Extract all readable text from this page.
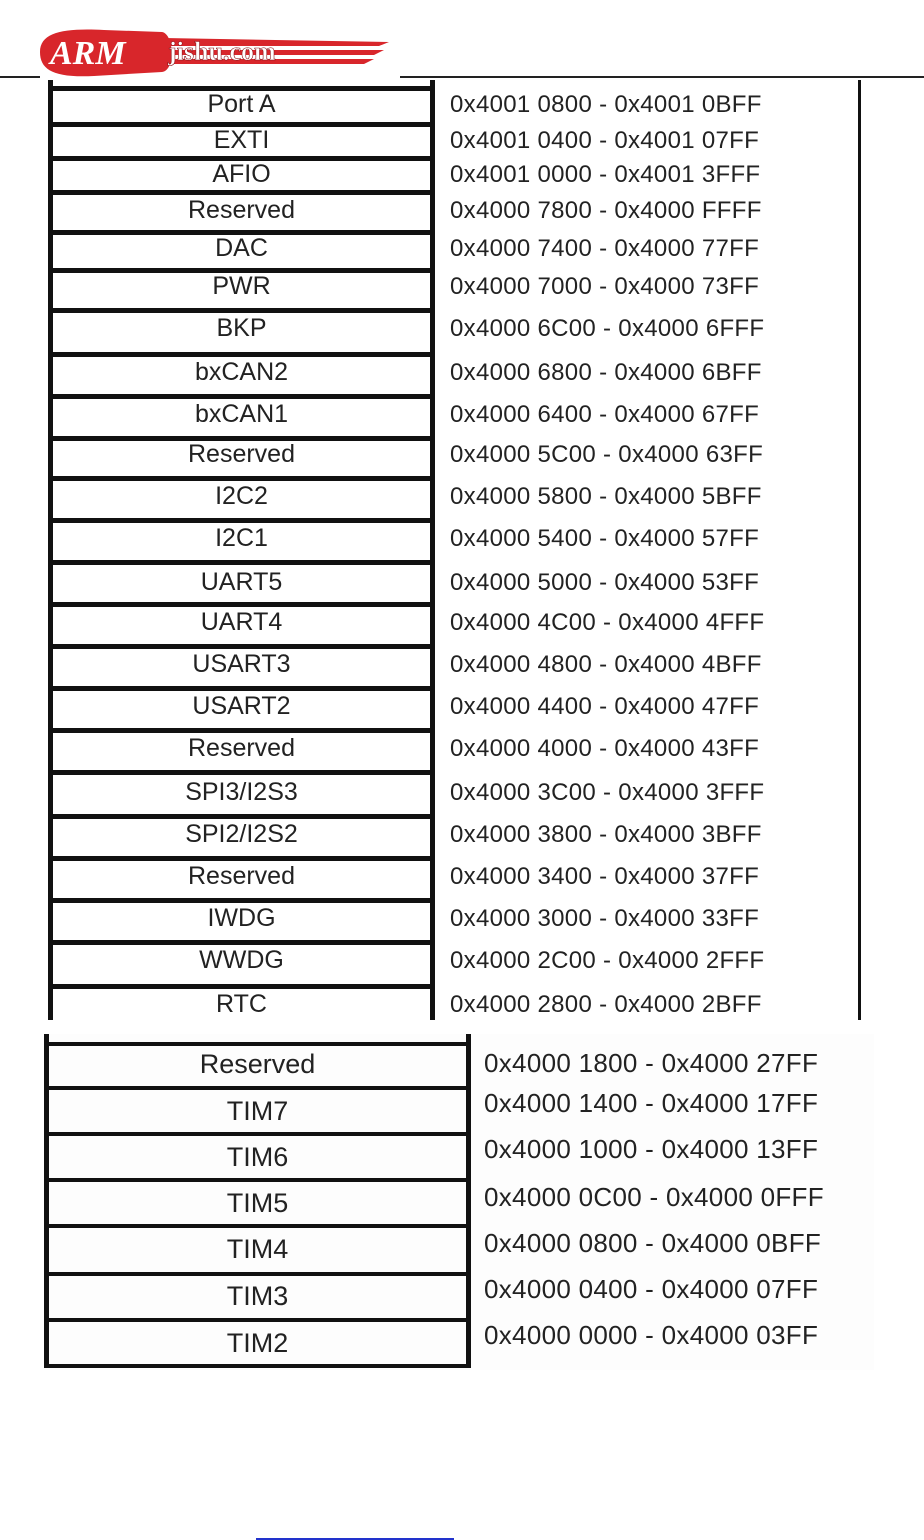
ARM jishu.com
Port A	0x4001 0800 - 0x4001 0BFF
EXTI	0x4001 0400 - 0x4001 07FF
AFIO	0x4001 0000 - 0x4001 3FFF
Reserved	0x4000 7800 - 0x4000 FFFF
DAC	0x4000 7400 - 0x4000 77FF
PWR	0x4000 7000 - 0x4000 73FF
BKP	0x4000 6C00 - 0x4000 6FFF
bxCAN2	0x4000 6800 - 0x4000 6BFF
bxCAN1	0x4000 6400 - 0x4000 67FF
Reserved	0x4000 5C00 - 0x4000 63FF
I2C2	0x4000 5800 - 0x4000 5BFF
I2C1	0x4000 5400 - 0x4000 57FF
UART5	0x4000 5000 - 0x4000 53FF
UART4	0x4000 4C00 - 0x4000 4FFF
USART3	0x4000 4800 - 0x4000 4BFF
USART2	0x4000 4400 - 0x4000 47FF
Reserved	0x4000 4000 - 0x4000 43FF
SPI3/I2S3	0x4000 3C00 - 0x4000 3FFF
SPI2/I2S2	0x4000 3800 - 0x4000 3BFF
Reserved	0x4000 3400 - 0x4000 37FF
IWDG	0x4000 3000 - 0x4000 33FF
WWDG	0x4000 2C00 - 0x4000 2FFF
RTC	0x4000 2800 - 0x4000 2BFF
Reserved	0x4000 1800 - 0x4000 27FF
TIM7	0x4000 1400 - 0x4000 17FF
TIM6	0x4000 1000 - 0x4000 13FF
TIM5	0x4000 0C00 - 0x4000 0FFF
TIM4	0x4000 0800 - 0x4000 0BFF
TIM3	0x4000 0400 - 0x4000 07FF
TIM2	0x4000 0000 - 0x4000 03FF
